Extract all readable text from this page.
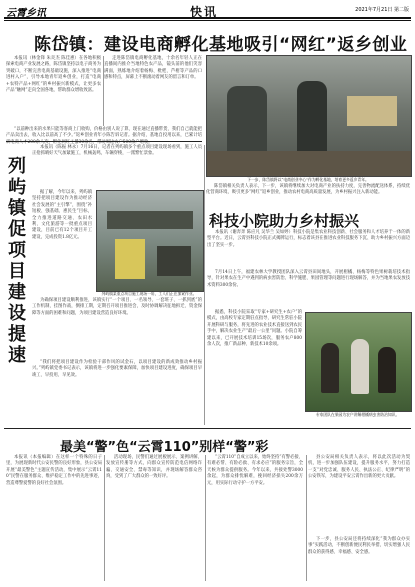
云霄乡讯	快讯	2021年7月21日 第二版
陈岱镇：建设电商孵化基地吸引“网红”返乡创业
本报讯（林金锋 朱炎杰 陈佳惠）在各地积极探索电商产业发展之路，陈岱镇坚持以电子商务为突破口，不断完善电商基础设施，深入推进“电商进村入户”，引导本地青年返乡创业，打造“电商+农特产品+网红”的乡村振兴新模式，让更多农产品“触网”走向全国各地，帮助群众增收致富。
走进陈岱镇电商孵化基地，十余名年轻人正在直播间内推介当地特色农产品，镜头前的他们笑容满面，熟练地介绍着杨梅、枇杷、芦柑等产品的口感和特点，屏幕上不断滚动着网友的留言和订单。
“以前种出来的水果只能等客商上门收购，价格由别人说了算，现在通过直播带货，我们自己就能把产品卖出去，收入比以前高了不少。”返乡创业青年小陈告诉记者。据介绍，基地自投用以来，已累计培训电商人才200余人次，孵化网红主播30余名，带动周边农户500余户增收。
下一步，陈岱镇将以“电商创业中心”作为孵化基地，培育更多返乡青年。
陈岱镇相关负责人表示，下一步，该镇将继续加大对电商产业的扶持力度，完善物流配送体系，持续优化营商环境，吸引更多“网红”返乡创业，推动农村电商高质量发展，为乡村振兴注入新动能。
列屿镇促项目建设提速
本报讯（陈振 林永）7月16日，记者在列屿镇多个重点项目建设现场看到，施工人员正抢抓晴好天气加紧施工，机械轰鸣，车辆穿梭，一派繁忙景象。
据了解，今年以来，列屿镇坚持把项目建设作为推动经济社会发展的“主引擎”，围绕“补短板、强基础、惠民生”目标，全力推进道路交通、农田水利、文化旅游等一批重点项目建设，目前已有12个项目开工建设，完成投资1.8亿元。
列屿镇某重点项目施工现场一角，工人们正在加紧作业。
为确保项目建设顺利推进，该镇实行“一个项目、一名领导、一套班子、一抓到底”的工作机制，挂图作战，倒排工期，定期召开项目推进会，及时协调解决征地拆迁、资金保障等方面的困难和问题，为项目建设营造良好环境。
“我们将把项目建设作为检验干部作风的试金石，以项目建设的新成效推动乡村振兴。”列屿镇党委书记表示，该镇将进一步强化要素保障，加快项目建设进度，确保项目早竣工、早投用、早见效。
科技小院助力乡村振兴
本报讯（谢奔奔 陈应凡 吴华兰 吴如婷）科技小院是集农业科技创新、社会服务和人才培养于一体的新型平台。近日，云霄县科技小院正式揭牌运行，标志着该县在推进农业科技服务下沉、助力乡村振兴方面迈出了坚实一步。
7月14日上午，福建农林大学教授团队深入云霄县田间地头，开展柑橘、杨梅等特色果树栽培技术指导，针对果农在生产中遇到的病虫害防治、科学施肥、果园管理等问题进行现场解答，并为当地果农发放技术资料300余份。
据悉，科技小院采取“专家+研究生+农户”的模式，由高校专家定期驻点指导，研究生常驻小院开展科研与服务，将先进的农业技术直接送到农民手中，解决农业生产“最后一公里”问题。小院自筹建以来，已开展技术培训15场次，服务农户800余人次，推广新品种、新技术10余项。
专家团队在果园为农户讲解柑橘病虫害防治知识。
最美“警”色“云霄110”别样“警”彩
本报讯（本报编辑）在这样一个特殊的日子里，为展现新时代公安民警的良好形象，县公安局开展“最美警色”主题宣传活动，集中展示“云霄110”民警在服务群众、维护稳定工作中的先进事迹，营造尊警爱警的良好社会氛围。
活动现场，民警们通过展板展示、案例讲解、发放宣传册等方式，向群众宣传防范电信网络诈骗、交通安全、禁毒等知识，并现场解答群众咨询，受到了广大群众的一致好评。
“云霄110”自成立以来，始终坚持“有警必接、有难必帮、有险必救、有求必应”的服务宗旨，全天候为群众提供服务。今年以来，共接处警3000余起，为群众排忧解难，挽回经济损失200余万元，用实际行动守护一方平安。
县公安局相关负责人表示，将以此次活动为契机，进一步加强队伍建设，提升服务水平，努力打造一支“对党忠诚、服务人民、执法公正、纪律严明”的公安铁军，为建设平安云霄作出新的更大贡献。
下一步，县公安局还将持续深化“我为群众办实事”实践活动，不断创新便民利民举措，切实增强人民群众的获得感、幸福感、安全感。
